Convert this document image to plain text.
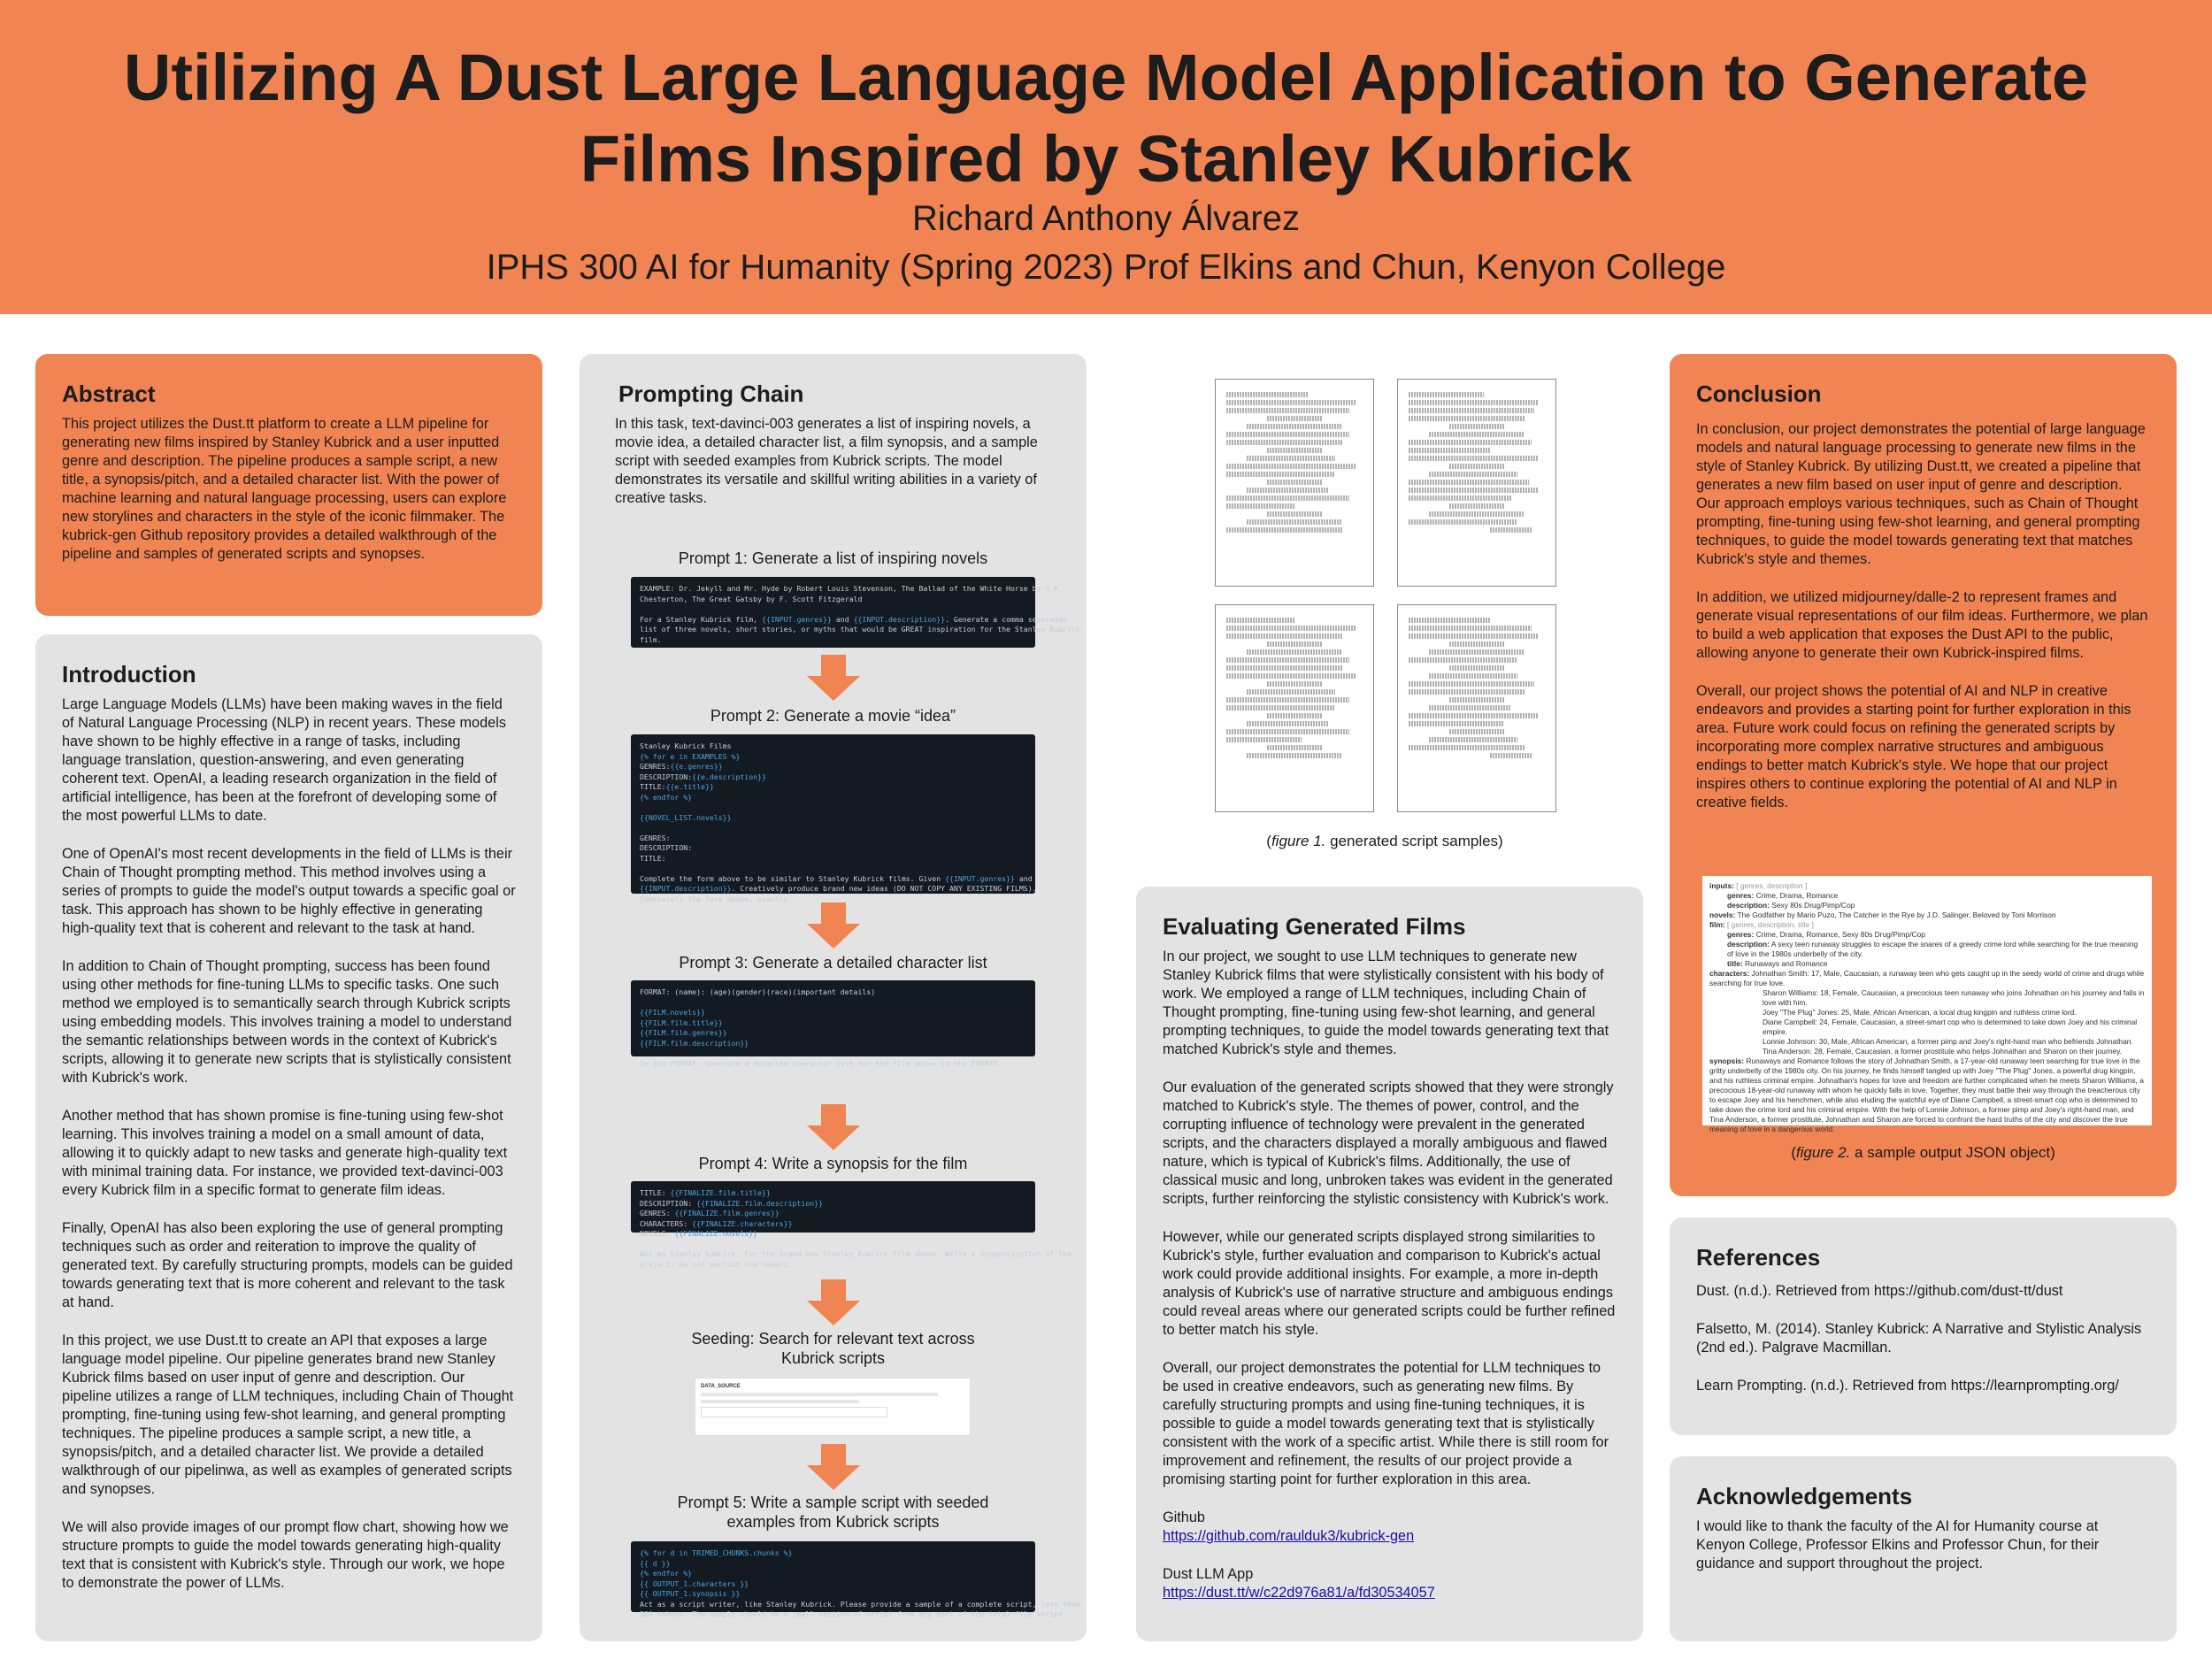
Utilizing A Dust Large Language Model Application to Generate Films Inspired by Stanley Kubrick
Richard Anthony Álvarez
IPHS 300 AI for Humanity (Spring 2023) Prof Elkins and Chun, Kenyon College
Abstract

This project utilizes the Dust.tt platform to create a LLM pipeline for generating new films inspired by Stanley Kubrick and a user inputted genre and description. The pipeline produces a sample script, a new title, a synopsis/pitch, and a detailed character list. With the power of machine learning and natural language processing, users can explore new storylines and characters in the style of the iconic filmmaker. The kubrick-gen Github repository provides a detailed walkthrough of the pipeline and samples of generated scripts and synopses.

Introduction

Large Language Models (LLMs) have been making waves in the field of Natural Language Processing (NLP) in recent years. These models have shown to be highly effective in a range of tasks, including language translation, question-answering, and even generating coherent text. OpenAI, a leading research organization in the field of artificial intelligence, has been at the forefront of developing some of the most powerful LLMs to date.

One of OpenAI's most recent developments in the field of LLMs is their Chain of Thought prompting method. This method involves using a series of prompts to guide the model's output towards a specific goal or task. This approach has shown to be highly effective in generating high-quality text that is coherent and relevant to the task at hand.

In addition to Chain of Thought prompting, success has been found using other methods for fine-tuning LLMs to specific tasks. One such method we employed is to semantically search through Kubrick scripts using embedding models. This involves training a model to understand the semantic relationships between words in the context of Kubrick's scripts, allowing it to generate new scripts that is stylistically consistent with Kubrick's work.

Another method that has shown promise is fine-tuning using few-shot learning. This involves training a model on a small amount of data, allowing it to quickly adapt to new tasks and generate high-quality text with minimal training data. For instance, we provided text-davinci-003 every Kubrick film in a specific format to generate film ideas.

Finally, OpenAI has also been exploring the use of general prompting techniques such as order and reiteration to improve the quality of generated text. By carefully structuring prompts, models can be guided towards generating text that is more coherent and relevant to the task at hand.

In this project, we use Dust.tt to create an API that exposes a large language model pipeline. Our pipeline generates brand new Stanley Kubrick films based on user input of genre and description. Our pipeline utilizes a range of LLM techniques, including Chain of Thought prompting, fine-tuning using few-shot learning, and general prompting techniques. The pipeline produces a sample script, a new title, a synopsis/pitch, and a detailed character list. We provide a detailed walkthrough of our pipelinwa, as well as examples of generated scripts and synopses.

We will also provide images of our prompt flow chart, showing how we structure prompts to guide the model towards generating high-quality text that is consistent with Kubrick's style. Through our work, we hope to demonstrate the power of LLMs.

Prompting Chain

In this task, text-davinci-003 generates a list of inspiring novels, a movie idea, a detailed character list, a film synopsis, and a sample script with seeded examples from Kubrick scripts. The model demonstrates its versatile and skillful writing abilities in a variety of creative tasks.

Prompt 1: Generate a list of inspiring novels
EXAMPLE: Dr. Jekyll and Mr. Hyde by Robert Louis Stevenson, The Ballad of the White Horse by G.K.
Chesterton, The Great Gatsby by F. Scott Fitzgerald

For a Stanley Kubrick film, {{INPUT.genres}} and {{INPUT.description}}. Generate a comma seperated
list of three novels, short stories, or myths that would be GREAT inspiration for the Stanley Kubrick
film.
Prompt 2: Generate a movie “idea”
Stanley Kubrick Films
{% for e in EXAMPLES %}
GENRES:{{e.genres}}
DESCRIPTION:{{e.description}}
TITLE:{{e.title}}
{% endfor %}

{{NOVEL_LIST.novels}}

GENRES:
DESCRIPTION:
TITLE:

Complete the form above to be similar to Stanley Kubrick films. Given {{INPUT.genres}} and
{{INPUT.description}}. Creatively produce brand new ideas (DO NOT COPY ANY EXISTING FILMS).
Completely the form above, exactly.
Prompt 3: Generate a detailed character list
FORMAT: (name): (age)(gender)(race)(important details)

{{FILM.novels}}
{{FILM.film.title}}
{{FILM.film.genres}}
{{FILM.film.description}}

In the FORMAT, Generate a detailed character list for the film above in the FORMAT.
Prompt 4: Write a synopsis for the film
TITLE: {{FINALIZE.film.title}}
DESCRIPTION: {{FINALIZE.film.description}}
GENRES: {{FINALIZE.film.genres}}
CHARACTERS: {{FINALIZE.characters}}
NOVELS: {{FINALIZE.novels}}

Act as Stanley Kubrick. For the brand-new Stanley Kubrick film above, Write a synopsis/pitch of the
project. Do not mention the novels.
Seeding: Search for relevant text across Kubrick scripts
DATA_SOURCE
Prompt 5: Write a sample script with seeded examples from Kubrick scripts
{% for d in TRIMED_CHUNKS.chunks %}
{{ d }}
{% endfor %}
{{ OUTPUT_1.characters }}
{{ OUTPUT_1.synopsis }}
Act as a script writer, like Stanley Kubrick. Please provide a sample of a complete script, less than
500 tokens. The sample should be a small section of script from any part of the total film script.
(figure 1. generated script samples)
Evaluating Generated Films

In our project, we sought to use LLM techniques to generate new Stanley Kubrick films that were stylistically consistent with his body of work. We employed a range of LLM techniques, including Chain of Thought prompting, fine-tuning using few-shot learning, and general prompting techniques, to guide the model towards generating text that matched Kubrick's style and themes.

Our evaluation of the generated scripts showed that they were strongly matched to Kubrick's style. The themes of power, control, and the corrupting influence of technology were prevalent in the generated scripts, and the characters displayed a morally ambiguous and flawed nature, which is typical of Kubrick's films. Additionally, the use of classical music and long, unbroken takes was evident in the generated scripts, further reinforcing the stylistic consistency with Kubrick's work.

However, while our generated scripts displayed strong similarities to Kubrick's style, further evaluation and comparison to Kubrick's actual work could provide additional insights. For example, a more in-depth analysis of Kubrick's use of narrative structure and ambiguous endings could reveal areas where our generated scripts could be further refined to better match his style.

Overall, our project demonstrates the potential for LLM techniques to be used in creative endeavors, such as generating new films. By carefully structuring prompts and using fine-tuning techniques, it is possible to guide a model towards generating text that is stylistically consistent with the work of a specific artist. While there is still room for improvement and refinement, the results of our project provide a promising starting point for further exploration in this area.

Github

https://github.com/raulduk3/kubrick-gen

Dust LLM App

https://dust.tt/w/c22d976a81/a/fd30534057

Conclusion

In conclusion, our project demonstrates the potential of large language models and natural language processing to generate new films in the style of Stanley Kubrick. By utilizing Dust.tt, we created a pipeline that generates a new film based on user input of genre and description. Our approach employs various techniques, such as Chain of Thought prompting, fine-tuning using few-shot learning, and general prompting techniques, to guide the model towards generating text that matches Kubrick's style and themes.

In addition, we utilized midjourney/dalle-2 to represent frames and generate visual representations of our film ideas. Furthermore, we plan to build a web application that exposes the Dust API to the public, allowing anyone to generate their own Kubrick-inspired films.

Overall, our project shows the potential of AI and NLP in creative endeavors and provides a starting point for further exploration in this area. Future work could focus on refining the generated scripts by incorporating more complex narrative structures and ambiguous endings to better match Kubrick's style. We hope that our project inspires others to continue exploring the potential of AI and NLP in creative fields.

inputs: [ genres, description ]
genres: Crime, Drama, Romance
description: Sexy 80s Drug/Pimp/Cop
novels: The Godfather by Mario Puzo, The Catcher in the Rye by J.D. Salinger, Beloved by Toni Morrison
film: [ genres, description, title ]
genres: Crime, Drama, Romance, Sexy 80s Drug/Pimp/Cop
description: A sexy teen runaway struggles to escape the snares of a greedy crime lord while searching for the true meaning of love in the 1980s underbelly of the city.
title: Runaways and Romance
characters: Johnathan Smith: 17, Male, Caucasian, a runaway teen who gets caught up in the seedy world of crime and drugs while searching for true love.
Sharon Williams: 18, Female, Caucasian, a precocious teen runaway who joins Johnathan on his journey and falls in love with him.
Joey "The Plug" Jones: 25, Male, African American, a local drug kingpin and ruthless crime lord.
Diane Campbell: 24, Female, Caucasian, a street-smart cop who is determined to take down Joey and his criminal empire.
Lonnie Johnson: 30, Male, African American, a former pimp and Joey's right-hand man who befriends Johnathan.
Tina Anderson: 28, Female, Caucasian, a former prostitute who helps Johnathan and Sharon on their journey.
synopsis: Runaways and Romance follows the story of Johnathan Smith, a 17-year-old runaway teen searching for true love in the gritty underbelly of the 1980s city. On his journey, he finds himself tangled up with Joey "The Plug" Jones, a powerful drug kingpin, and his ruthless criminal empire. Johnathan's hopes for love and freedom are further complicated when he meets Sharon Williams, a precocious 18-year-old runaway with whom he quickly falls in love. Together, they must battle their way through the treacherous city to escape Joey and his henchmen, while also eluding the watchful eye of Diane Campbell, a street-smart cop who is determined to take down the crime lord and his criminal empire. With the help of Lonnie Johnson, a former pimp and Joey's right-hand man, and Tina Anderson, a former prostitute, Johnathan and Sharon are forced to confront the hard truths of the city and discover the true meaning of love in a dangerous world.
(figure 2. a sample output JSON object)
References

Dust. (n.d.). Retrieved from https://github.com/dust-tt/dust

Falsetto, M. (2014). Stanley Kubrick: A Narrative and Stylistic Analysis (2nd ed.). Palgrave Macmillan.

Learn Prompting. (n.d.). Retrieved from https://learnprompting.org/

Acknowledgements

I would like to thank the faculty of the AI for Humanity course at Kenyon College, Professor Elkins and Professor Chun, for their guidance and support throughout the project.
